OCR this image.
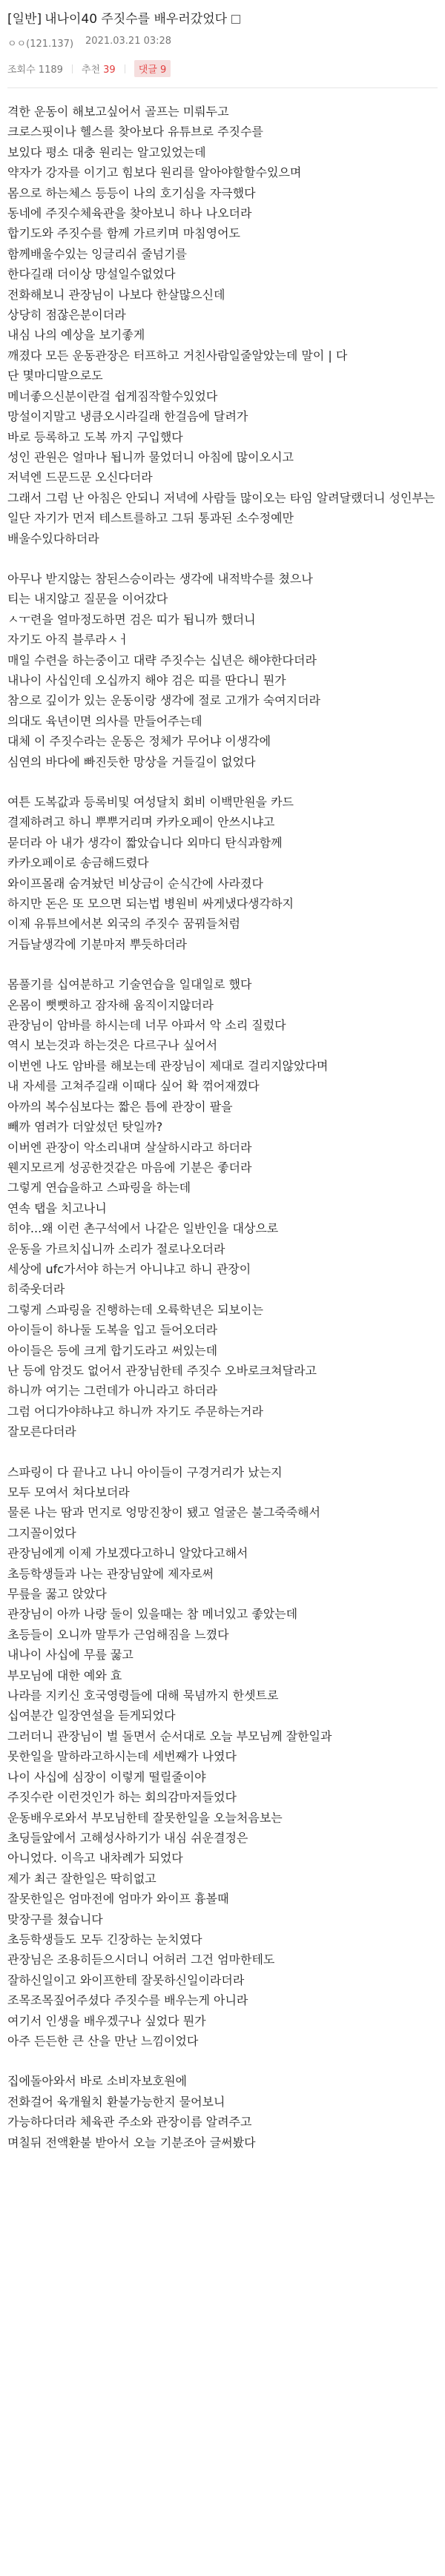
[일반] 내나이40 주짓수를 배우러갔었다
ㅇㅇ(121.137) 2021.03.21 03:28
조회수 1189 추천 39	댓글 9
격한 운동이 해보고싶어서 골프는 미뤄두고
크로스핏이나 헬스를 찾아보다 유튜브로 주짓수를
보있다 평소 대충 원리는 알고있었는데
약자가 강자를 이기고 힘보다 원리를 알아야할할수있으며
몸으로 하는체스 등등이 나의 호기심을 자극했다
동네에 주짓수체육관을 찾아보니 하나 나오더라
합기도와 주짓수를 함께 가르키며 마침영어도
함께배울수있는 잉글리쉬 줄넘기를
한다길래 더이상 망설일수없었다
전화해보니 관장님이 나보다 한살많으신데
상당히 점잖은분이더라
내심 나의 예상을 보기좋게
깨졌다 모든 운동관장은 터프하고 거친사람일줄알았는데 말이 | 다
단 몇마디말으로도
메너좋으신분이란걸 쉽게짐작할수있었다
망설이지말고 냉큼오시라길래 한걸음에 달려가
바로 등록하고 도복 까지 구입했다
성인 관원은 얼마나 됩니까 물었더니 아침에 많이오시고
저녁엔 드문드문 오신다더라
그래서 그럼 난 아침은 안되니 저녁에 사람들 많이오는 타임 알려달랬더니 성인부는
일단 자기가 먼저 테스트를하고 그뒤 통과된 소수정예만
배울수있다하더라
아무나 받지않는 참된스승이라는 생각에 내적박수를 쳤으나
티는 내지않고 질문을 이어갔다
ㅅㅜ련을 얼마정도하면 검은 띠가 됩니까 했더니
자기도 아직 블루라ㅅㅓ
매일 수련을 하는중이고 대략 주짓수는 십년은 해야한다더라
내나이 사십인데 오십까지 해야 검은 띠를 딴다니 뭔가
참으로 깊이가 있는 운동이랑 생각에 절로 고개가 숙여지더라
의대도 육년이면 의사를 만들어주는데
대체 이 주짓수라는 운동은 정체가 무어냐 이생각에
심연의 바다에 빠진듯한 망상을 거들길이 없었다
여튼 도복값과 등록비및 여성달치 회비 이백만원을 카드
결제하려고 하니 뿌뿌거리며 카카오페이 안쓰시냐고
묻더라 아 내가 생각이 짧았습니다 외마디 탄식과함께
카카오페이로 송금해드렸다
와이프몰래 숨겨놨던 비상금이 순식간에 사라졌다
하지만 돈은 또 모으면 되는법 병원비 싸게냈다생각하지
이제 유튜브에서본 외국의 주짓수 꿈꿔들처럼
거듭날생각에 기분마저 뿌듯하더라
몸풀기를 십여분하고 기술연습을 일대일로 했다
온몸이 뻣뻣하고 잠자해 움직이지않더라
관장님이 암바를 하시는데 너무 아파서 악 소리 질렀다
역시 보는것과 하는것은 다르구나 싶어서
이번엔 나도 암바를 해보는데 관장님이 제대로 걸리지않았다며
내 자세를 고쳐주길래 이때다 싶어 확 꺾어재꼈다
아까의 복수심보다는 짧은 틈에 관장이 팔을
빼까 염려가 더앞섰던 탓일까?
이버엔 관장이 악소리내며 살살하시라고 하더라
웬지모르게 성공한것같은 마음에 기분은 좋더라
그렇게 연습을하고 스파링을 하는데
연속 탭을 치고나니
히야...왜 이런 촌구석에서 나같은 일반인을 대상으로
운동을 가르치십니까 소리가 절로나오더라
세상에 ufc가서야 하는거 아니냐고 하니 관장이
히죽웃더라
그렇게 스파링을 진행하는데 오륙학년은 되보이는
아이들이 하나둘 도복을 입고 들어오더라
아이들은 등에 크게 합기도라고 써있는데
난 등에 암것도 없어서 관장님한테 주짓수 오바로크쳐달라고
하니까 여기는 그런데가 아니라고 하더라
그럼 어디가야하냐고 하니까 자기도 주문하는거라
잘모른다더라
스파링이 다 끝나고 나니 아이들이 구경거리가 났는지
모두 모여서 쳐다보더라
물론 나는 땀과 먼지로 엉망진창이 됐고 얼굴은 불그죽죽해서
그지꼴이었다
관장님에게 이제 가보겠다고하니 알았다고해서
초등학생들과 나는 관장님앞에 제자로써
무릎을 꿇고 앉았다
관장님이 아까 나랑 둘이 있을때는 참 메너있고 좋았는데
초등들이 오니까 말투가 근엄해짐을 느꼈다
내나이 사십에 무릎 꿇고
부모님에 대한 예와 효
나라를 지키신 호국영령들에 대해 묵념까지 한셋트로
십여분간 일장연설을 듣게되었다
그러더니 관장님이 벌 돌면서 순서대로 오늘 부모님께 잘한일과
못한일을 말하라고하시는데 세번째가 나였다
나이 사십에 심장이 이렇게 떨릴줄이야
주짓수란 이런것인가 하는 회의감마저들었다
운동배우로와서 부모님한테 잘못한일을 오늘처음보는
초딩들앞에서 고해성사하기가 내심 쉬운결정은
아니었다. 이윽고 내차례가 되었다
제가 최근 잘한일은 딱히없고
잘못한일은 엄마전에 엄마가 와이프 흉볼때
맞장구를 쳤습니다
초등학생들도 모두 긴장하는 눈치였다
관장님은 조용히듣으시더니 어허러 그건 엄마한테도
잘하신일이고 와이프한테 잘못하신일이라더라
조목조목짚어주셨다 주짓수를 배우는게 아니라
여기서 인생을 배우겠구나 싶었다 뭔가
아주 든든한 큰 산을 만난 느낌이었다
집에돌아와서 바로 소비자보호원에
전화걸어 육개월치 환불가능한지 물어보니
가능하다더라 체육관 주소와 관장이름 알려주고
며칠뒤 전액환불 받아서 오늘 기분조아 글써봤다
